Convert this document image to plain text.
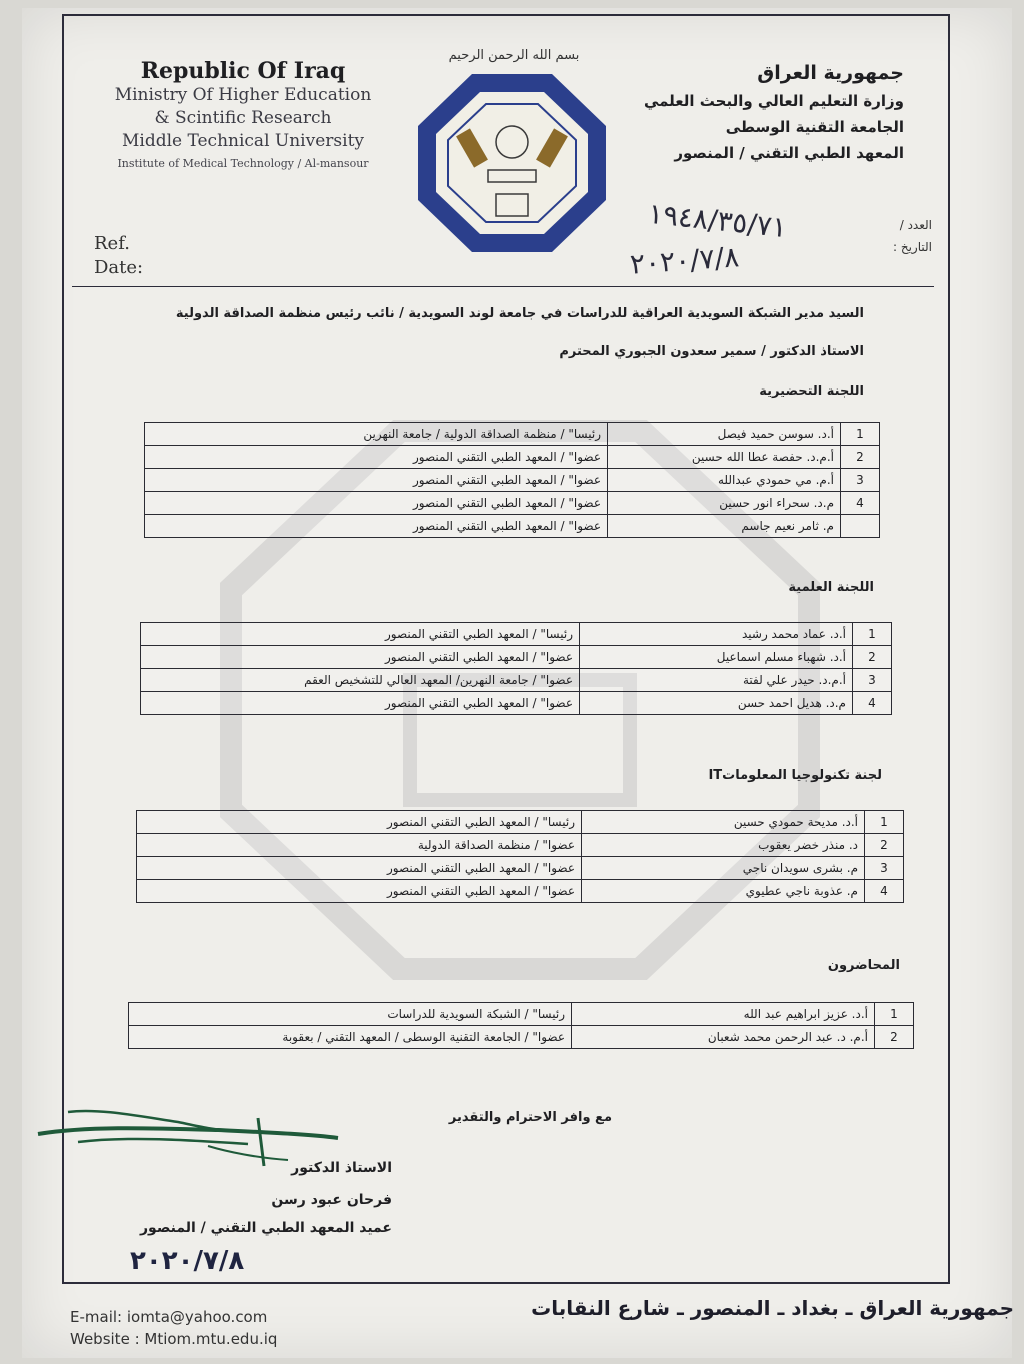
Republic Of Iraq
Ministry Of Higher Education
& Scintific Research
Middle Technical University
Institute of Medical Technology / Al-mansour
Ref.
Date:
بسم الله الرحمن الرحيم
جمهورية العراق
وزارة التعليم العالي والبحث العلمي
الجامعة التقنية الوسطى
المعهد الطبي التقني / المنصور
العدد /
التاريخ :
١٩٤٨/٣٥/٧١
٢٠٢٠/٧/٨
السيد مدير الشبكة السويدية العراقية للدراسات في جامعة لوند السويدية / نائب رئيس منظمة الصداقة الدولية
الاستاذ الدكتور / سمير سعدون الجبوري المحترم
اللجنة التحضيرية
1	أ.د. سوسن حميد فيصل	رئيسا" / منظمة الصداقة الدولية / جامعة النهرين
2	أ.م.د. حفصة عطا الله حسين	عضوا" / المعهد الطبي التقني المنصور
3	أ.م. مي حمودي عبدالله	عضوا" / المعهد الطبي التقني المنصور
4	م.د. سحراء انور حسين	عضوا" / المعهد الطبي التقني المنصور
	م. ثامر نعيم جاسم	عضوا" / المعهد الطبي التقني المنصور
اللجنة العلمية
1	أ.د. عماد محمد رشيد	رئيسا" / المعهد الطبي التقني المنصور
2	أ.د. شهباء مسلم اسماعيل	عضوا" / المعهد الطبي التقني المنصور
3	أ.م.د. حيدر علي لفتة	عضوا" / جامعة النهرين/ المعهد العالي للتشخيص العقم
4	م.د. هديل احمد حسن	عضوا" / المعهد الطبي التقني المنصور
لجنة تكنولوجيا المعلوماتIT
1	أ.د. مديحة حمودي حسين	رئيسا" / المعهد الطبي التقني المنصور
2	د. منذر خضر يعقوب	عضوا" / منظمة الصداقة الدولية
3	م. بشرى سويدان ناجي	عضوا" / المعهد الطبي التقني المنصور
4	م. عذوبة ناجي عطيوي	عضوا" / المعهد الطبي التقني المنصور
المحاضرون
1	أ.د. عزيز ابراهيم عبد الله	رئيسا" / الشبكة السويدية للدراسات
2	أ.م. د. عبد الرحمن محمد شعبان	عضوا" / الجامعة التقنية الوسطى / المعهد التقني / بعقوبة
مع وافر الاحترام والتقدير
الاستاذ الدكتور
فرحان عبود رسن
عميد المعهد الطبي التقني / المنصور
٢٠٢٠/٧/٨
جمهورية العراق ـ بغداد ـ المنصور ـ شارع النقابات
E-mail: iomta@yahoo.com
Website : Mtiom.mtu.edu.iq
